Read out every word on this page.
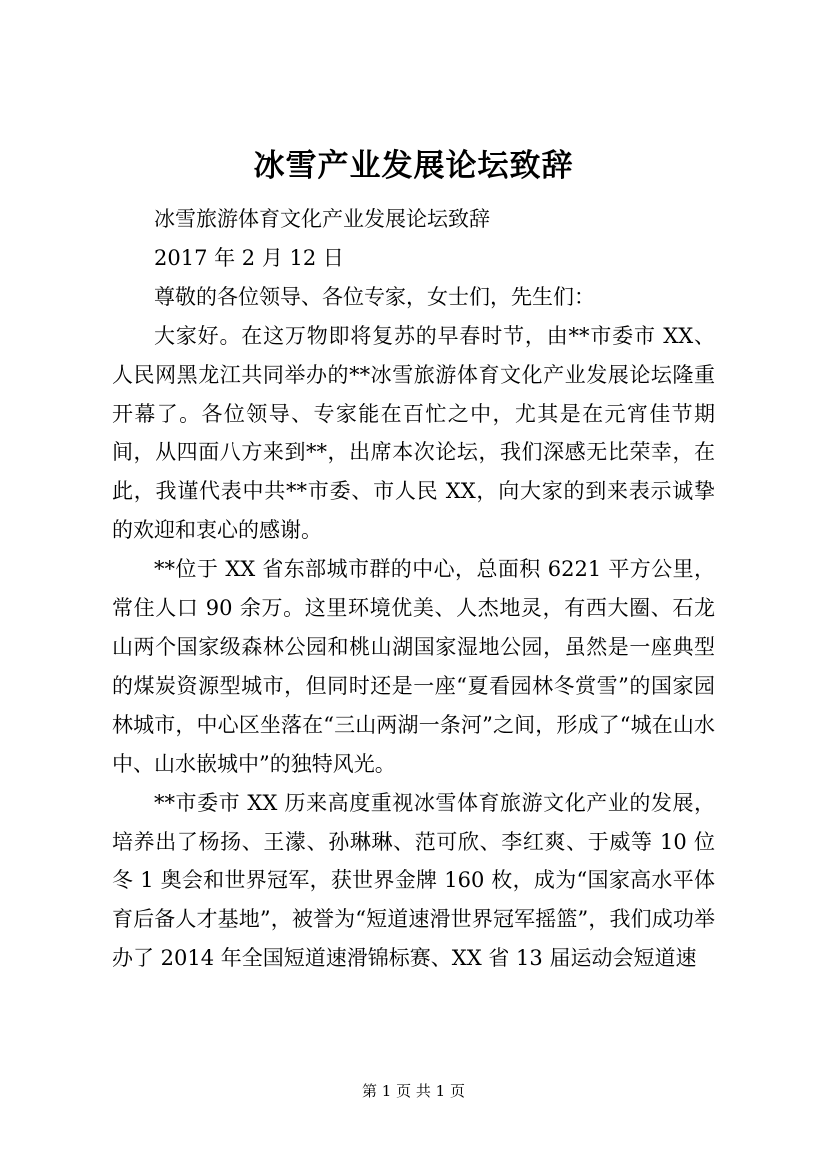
冰雪产业发展论坛致辞

冰雪旅游体育文化产业发展论坛致辞

2017 年 2 月 12 日

尊敬的各位领导、各位专家，女士们，先生们：

大家好。在这万物即将复苏的早春时节，由**市委市 XX、人民网黑龙江共同举办的**冰雪旅游体育文化产业发展论坛隆重开幕了。各位领导、专家能在百忙之中，尤其是在元宵佳节期间，从四面八方来到**，出席本次论坛，我们深感无比荣幸，在此，我谨代表中共**市委、市人民 XX，向大家的到来表示诚挚的欢迎和衷心的感谢。

**位于 XX 省东部城市群的中心，总面积 6221 平方公里，常住人口 90 余万。这里环境优美、人杰地灵，有西大圈、石龙山两个国家级森林公园和桃山湖国家湿地公园，虽然是一座典型的煤炭资源型城市，但同时还是一座“夏看园林冬赏雪”的国家园林城市，中心区坐落在“三山两湖一条河”之间，形成了“城在山水中、山水嵌城中”的独特风光。

**市委市 XX 历来高度重视冰雪体育旅游文化产业的发展，培养出了杨扬、王濛、孙琳琳、范可欣、李红爽、于威等 10 位冬 1 奥会和世界冠军，获世界金牌 160 枚，成为“国家高水平体育后备人才基地”，被誉为“短道速滑世界冠军摇篮”，我们成功举办了 2014 年全国短道速滑锦标赛、XX 省 13 届运动会短道速

第 1 页 共 1 页
